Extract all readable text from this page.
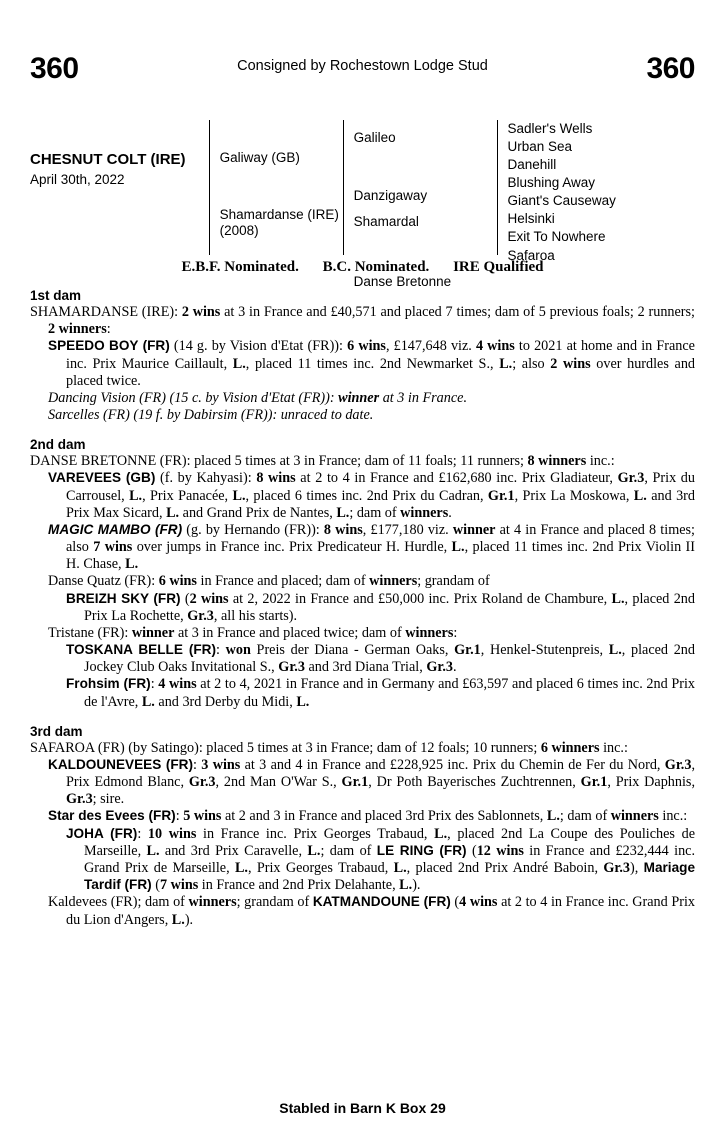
360	Consigned by Rochestown Lodge Stud	360
CHESNUT COLT (IRE)
April 30th, 2022
Galiway (GB)
Shamardanse (IRE) (2008)
Galileo
Danzigaway
Shamardal
Danse Bretonne
Sadler's Wells
Urban Sea
Danehill
Blushing Away
Giant's Causeway
Helsinki
Exit To Nowhere
Safaroa
E.B.F. Nominated. B.C. Nominated. IRE Qualified
1st dam

SHAMARDANSE (IRE): 2 wins at 3 in France and £40,571 and placed 7 times; dam of 5 previous foals; 2 runners; 2 winners:

SPEEDO BOY (FR) (14 g. by Vision d'Etat (FR)): 6 wins, £147,648 viz. 4 wins to 2021 at home and in France inc. Prix Maurice Caillault, L., placed 11 times inc. 2nd Newmarket S., L.; also 2 wins over hurdles and placed twice.

Dancing Vision (FR) (15 c. by Vision d'Etat (FR)): winner at 3 in France.

Sarcelles (FR) (19 f. by Dabirsim (FR)): unraced to date.

2nd dam

DANSE BRETONNE (FR): placed 5 times at 3 in France; dam of 11 foals; 11 runners; 8 winners inc.:

VAREVEES (GB) (f. by Kahyasi): 8 wins at 2 to 4 in France and £162,680 inc. Prix Gladiateur, Gr.3, Prix du Carrousel, L., Prix Panacée, L., placed 6 times inc. 2nd Prix du Cadran, Gr.1, Prix La Moskowa, L. and 3rd Prix Max Sicard, L. and Grand Prix de Nantes, L.; dam of winners.

MAGIC MAMBO (FR) (g. by Hernando (FR)): 8 wins, £177,180 viz. winner at 4 in France and placed 8 times; also 7 wins over jumps in France inc. Prix Predicateur H. Hurdle, L., placed 11 times inc. 2nd Prix Violin II H. Chase, L.

Danse Quatz (FR): 6 wins in France and placed; dam of winners; grandam of

BREIZH SKY (FR) (2 wins at 2, 2022 in France and £50,000 inc. Prix Roland de Chambure, L., placed 2nd Prix La Rochette, Gr.3, all his starts).

Tristane (FR): winner at 3 in France and placed twice; dam of winners:

TOSKANA BELLE (FR): won Preis der Diana - German Oaks, Gr.1, Henkel-Stutenpreis, L., placed 2nd Jockey Club Oaks Invitational S., Gr.3 and 3rd Diana Trial, Gr.3.

Frohsim (FR): 4 wins at 2 to 4, 2021 in France and in Germany and £63,597 and placed 6 times inc. 2nd Prix de l'Avre, L. and 3rd Derby du Midi, L.

3rd dam

SAFAROA (FR) (by Satingo): placed 5 times at 3 in France; dam of 12 foals; 10 runners; 6 winners inc.:

KALDOUNEVEES (FR): 3 wins at 3 and 4 in France and £228,925 inc. Prix du Chemin de Fer du Nord, Gr.3, Prix Edmond Blanc, Gr.3, 2nd Man O'War S., Gr.1, Dr Poth Bayerisches Zuchtrennen, Gr.1, Prix Daphnis, Gr.3; sire.

Star des Evees (FR): 5 wins at 2 and 3 in France and placed 3rd Prix des Sablonnets, L.; dam of winners inc.:

JOHA (FR): 10 wins in France inc. Prix Georges Trabaud, L., placed 2nd La Coupe des Pouliches de Marseille, L. and 3rd Prix Caravelle, L.; dam of LE RING (FR) (12 wins in France and £232,444 inc. Grand Prix de Marseille, L., Prix Georges Trabaud, L., placed 2nd Prix André Baboin, Gr.3), Mariage Tardif (FR) (7 wins in France and 2nd Prix Delahante, L.).

Kaldevees (FR); dam of winners; grandam of KATMANDOUNE (FR) (4 wins at 2 to 4 in France inc. Grand Prix du Lion d'Angers, L.).

Stabled in Barn K Box 29
